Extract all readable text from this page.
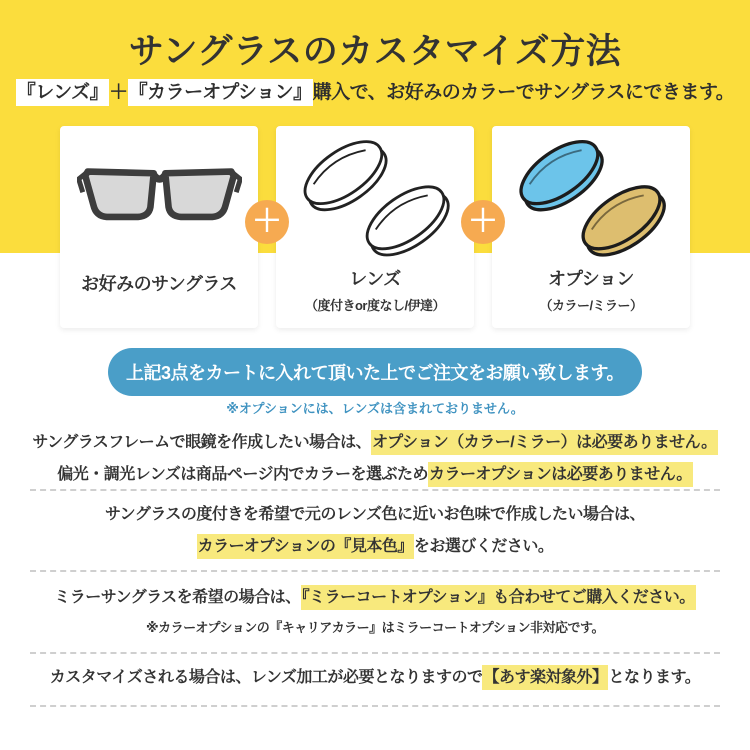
サングラスのカスタマイズ方法
『レンズ』＋『カラーオプション』購入で、お好みのカラーでサングラスにできます。
お好みのサングラス	レンズ
（度付きor度なし/伊達）
オプション
（カラー/ミラー）
＋	＋
上記3点をカートに入れて頂いた上でご注文をお願い致します。
※オプションには、レンズは含まれておりません。
サングラスフレームで眼鏡を作成したい場合は、オプション（カラー/ミラー）は必要ありません。
偏光・調光レンズは商品ページ内でカラーを選ぶためカラーオプションは必要ありません。
サングラスの度付きを希望で元のレンズ色に近いお色味で作成したい場合は、
カラーオプションの『見本色』をお選びください。
ミラーサングラスを希望の場合は、『ミラーコートオプション』も合わせてご購入ください。
※カラーオプションの『キャリアカラー』はミラーコートオプション非対応です。
カスタマイズされる場合は、レンズ加工が必要となりますので【あす楽対象外】となります。
